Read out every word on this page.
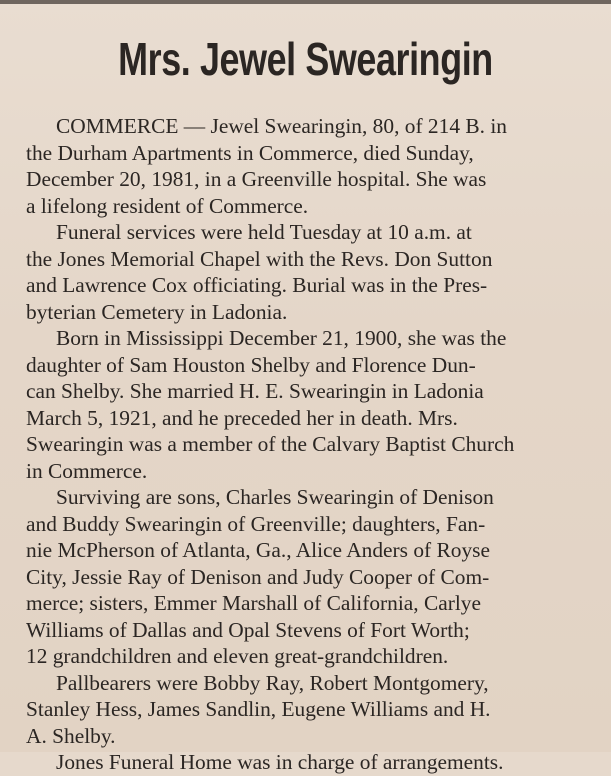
Mrs. Jewel Swearingin

COMMERCE — Jewel Swearingin, 80, of 214 B. in
the Durham Apartments in Commerce, died Sunday,
December 20, 1981, in a Greenville hospital. She was
a lifelong resident of Commerce.

Funeral services were held Tuesday at 10 a.m. at
the Jones Memorial Chapel with the Revs. Don Sutton
and Lawrence Cox officiating. Burial was in the Pres-
byterian Cemetery in Ladonia.

Born in Mississippi December 21, 1900, she was the
daughter of Sam Houston Shelby and Florence Dun-
can Shelby. She married H. E. Swearingin in Ladonia
March 5, 1921, and he preceded her in death. Mrs.
Swearingin was a member of the Calvary Baptist Church
in Commerce.

Surviving are sons, Charles Swearingin of Denison
and Buddy Swearingin of Greenville; daughters, Fan-
nie McPherson of Atlanta, Ga., Alice Anders of Royse
City, Jessie Ray of Denison and Judy Cooper of Com-
merce; sisters, Emmer Marshall of California, Carlye
Williams of Dallas and Opal Stevens of Fort Worth;
12 grandchildren and eleven great-grandchildren.

Pallbearers were Bobby Ray, Robert Montgomery,
Stanley Hess, James Sandlin, Eugene Williams and H.
A. Shelby.

Jones Funeral Home was in charge of arrangements.
